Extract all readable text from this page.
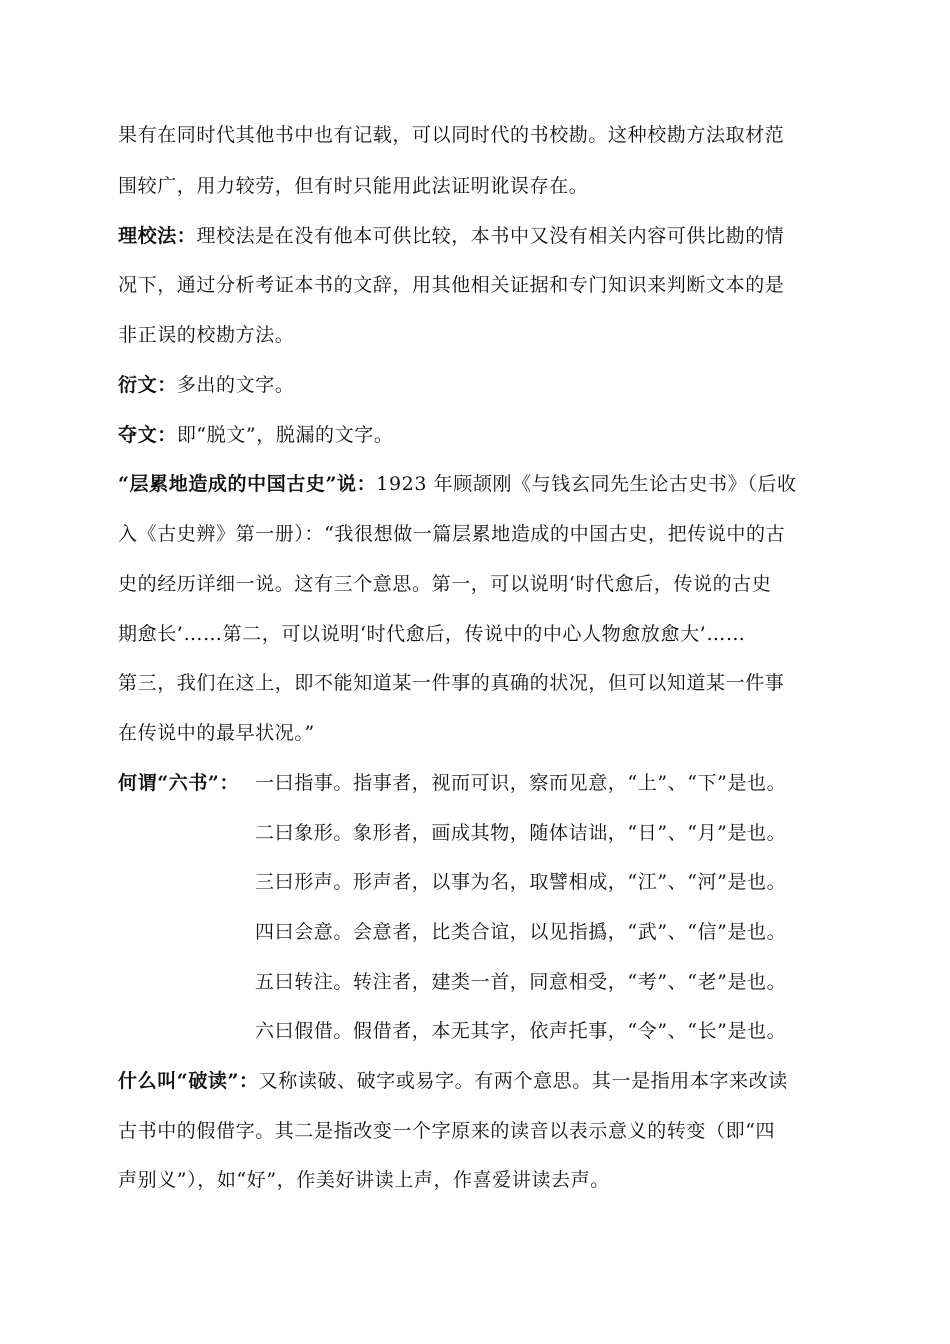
果有在同时代其他书中也有记载，可以同时代的书校勘。这种校勘方法取材范
围较广，用力较劳，但有时只能用此法证明讹误存在。
理校法：理校法是在没有他本可供比较，本书中又没有相关内容可供比勘的情
况下，通过分析考证本书的文辞，用其他相关证据和专门知识来判断文本的是
非正误的校勘方法。
衍文：多出的文字。
夺文：即“脱文”，脱漏的文字。
“层累地造成的中国古史”说：1923 年顾颉刚《与钱玄同先生论古史书》（后收
入《古史辨》第一册）：“我很想做一篇层累地造成的中国古史，把传说中的古
史的经历详细一说。这有三个意思。第一，可以说明‘时代愈后，传说的古史
期愈长’……第二，可以说明‘时代愈后，传说中的中心人物愈放愈大’……
第三，我们在这上，即不能知道某一件事的真确的状况，但可以知道某一件事
在传说中的最早状况。”
何谓“六书”： 一曰指事。指事者，视而可识，察而见意，“上”、“下”是也。
二曰象形。象形者，画成其物，随体诘诎，“日”、“月”是也。
三曰形声。形声者，以事为名，取譬相成，“江”、“河”是也。
四曰会意。会意者，比类合谊，以见指撝，“武”、“信”是也。
五曰转注。转注者，建类一首，同意相受，“考”、“老”是也。
六曰假借。假借者，本无其字，依声托事，“令”、“长”是也。
什么叫“破读”：又称读破、破字或易字。有两个意思。其一是指用本字来改读
古书中的假借字。其二是指改变一个字原来的读音以表示意义的转变（即“四
声别义”），如“好”，作美好讲读上声，作喜爱讲读去声。
